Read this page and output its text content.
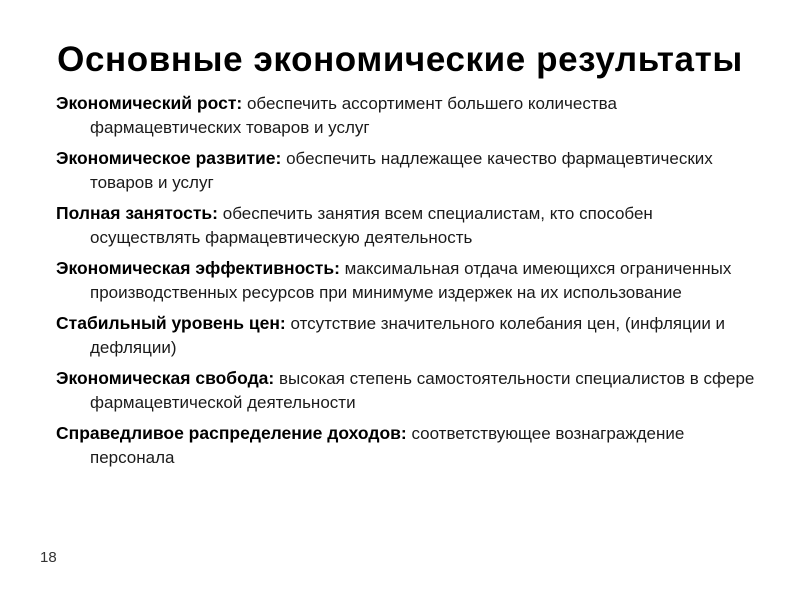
Основные экономические результаты
Экономический рост: обеспечить ассортимент большего количества фармацевтических товаров и услуг
Экономическое развитие: обеспечить надлежащее качество фармацевтических товаров и услуг
Полная занятость: обеспечить занятия всем специалистам, кто способен осуществлять фармацевтическую деятельность
Экономическая эффективность: максимальная отдача имеющихся ограниченных производственных ресурсов при минимуме издержек на их использование
Стабильный уровень цен: отсутствие значительного колебания цен, (инфляции и дефляции)
Экономическая свобода: высокая степень самостоятельности специалистов в сфере фармацевтической деятельности
Справедливое распределение доходов: соответствующее вознаграждение персонала
18
